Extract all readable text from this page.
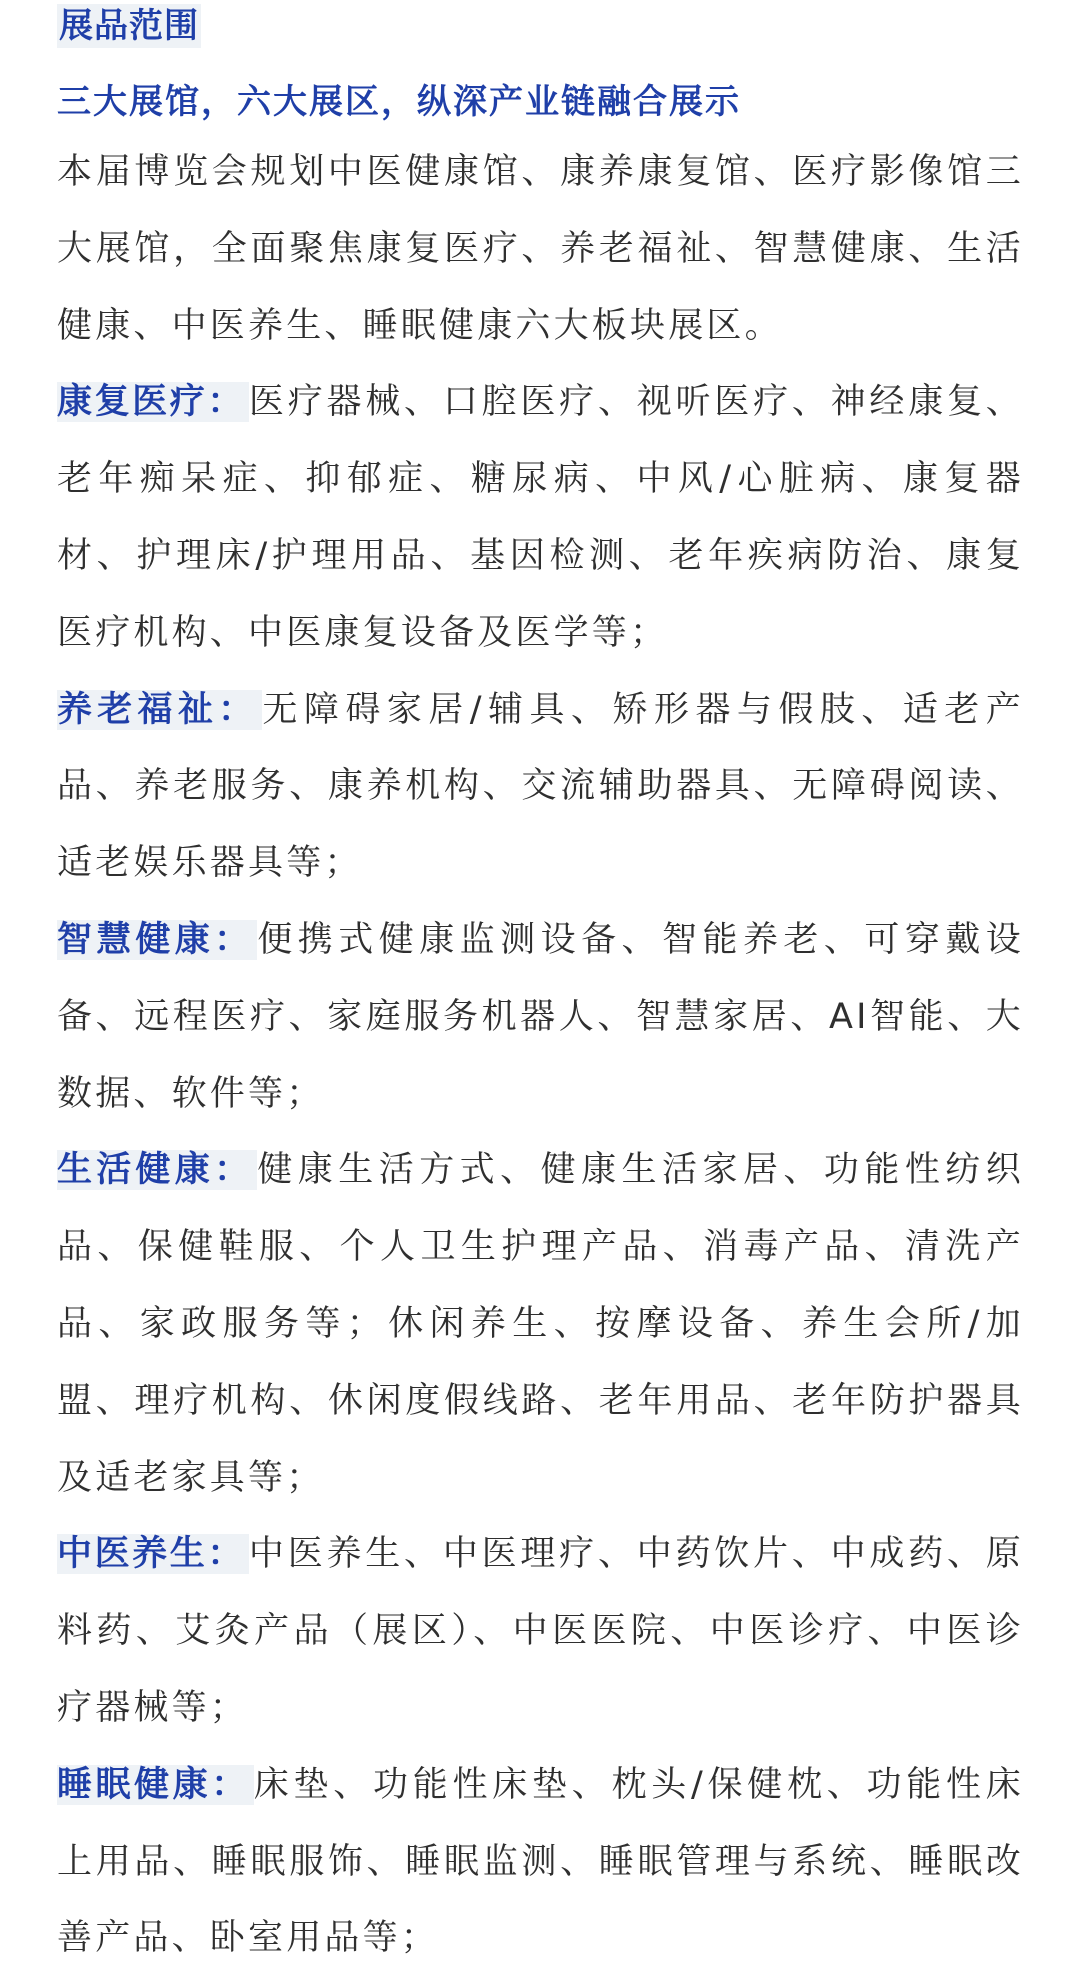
展品范围
三大展馆，六大展区，纵深产业链融合展示

本届博览会规划中医健康馆、康养康复馆、医疗影像馆三大展馆，全面聚焦康复医疗、养老福祉、智慧健康、生活健康、中医养生、睡眠健康六大板块展区。

康复医疗： 医疗器械、口腔医疗、视听医疗、神经康复、老年痴呆症、抑郁症、糖尿病、中风/心脏病、康复器材、护理床/护理用品、基因检测、老年疾病防治、康复医疗机构、中医康复设备及医学等；

养老福祉： 无障碍家居/辅具、矫形器与假肢、适老产品、养老服务、康养机构、交流辅助器具、无障碍阅读、适老娱乐器具等；

智慧健康： 便携式健康监测设备、智能养老、可穿戴设备、远程医疗、家庭服务机器人、智慧家居、AI智能、大数据、软件等；

生活健康： 健康生活方式、健康生活家居、功能性纺织品、保健鞋服、个人卫生护理产品、消毒产品、清洗产品、家政服务等；休闲养生、按摩设备、养生会所/加盟、理疗机构、休闲度假线路、老年用品、老年防护器具及适老家具等；

中医养生： 中医养生、中医理疗、中药饮片、中成药、原料药、艾灸产品（展区）、中医医院、中医诊疗、中医诊疗器械等；

睡眠健康： 床垫、功能性床垫、枕头/保健枕、功能性床上用品、睡眠服饰、睡眠监测、睡眠管理与系统、睡眠改善产品、卧室用品等；
